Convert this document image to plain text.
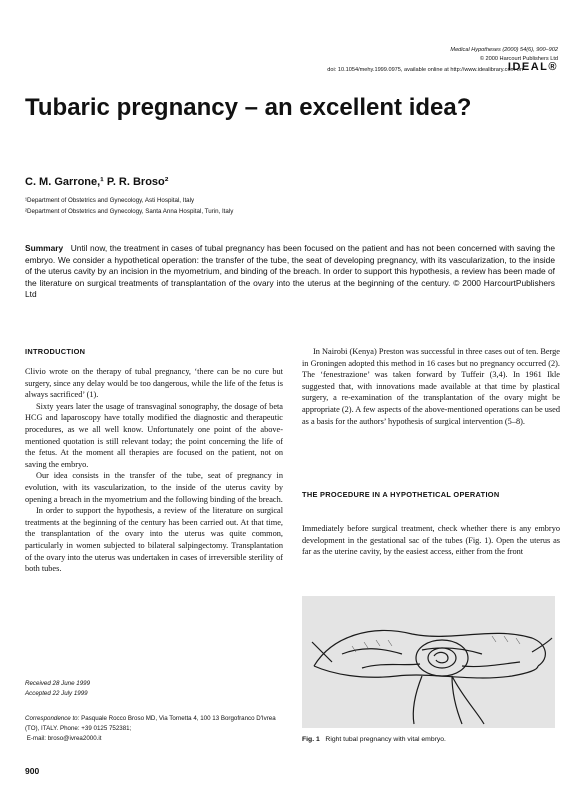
Medical Hypotheses (2000) 54(6), 900–902
© 2000 Harcourt Publishers Ltd
doi: 10.1054/mehy.1999.0975, available online at http://www.idealibrary.com on
IDEAL®
Tubaric pregnancy – an excellent idea?
C. M. Garrone,¹ P. R. Broso²
¹Department of Obstetrics and Gynecology, Asti Hospital, Italy
²Department of Obstetrics and Gynecology, Santa Anna Hospital, Turin, Italy

Summary Until now, the treatment in cases of tubal pregnancy has been focused on the patient and has not been concerned with saving the embryo. We consider a hypothetical operation: the transfer of the tube, the seat of developing pregnancy, with its vascularization, to the inside of the uterus cavity by an incision in the myometrium, and binding of the breach. In order to support this hypothesis, a review has been made of the literature on surgical treatments of transplantation of the ovary into the uterus at the beginning of the century. © 2000 HarcourtPublishers Ltd

INTRODUCTION

Clivio wrote on the therapy of tubal pregnancy, ‘there can be no cure but surgery, since any delay would be too dangerous, while the life of the fetus is always sacrificed’ (1).

Sixty years later the usage of transvaginal sonography, the dosage of beta HCG and laparoscopy have totally modified the diagnostic and therapeutic procedures, as we all well know. Unfortunately one point of the above-mentioned quotation is still relevant today; the point concerning the life of the fetus. At the moment all therapies are focused on the patient, not on saving the embryo.

Our idea consists in the transfer of the tube, seat of pregnancy in evolution, with its vascularization, to the inside of the uterus cavity by opening a breach in the myometrium and the following binding of the breach.

In order to support the hypothesis, a review of the literature on surgical treatments at the beginning of the century has been carried out. At that time, the transplantation of the ovary into the uterus was quite common, particularly in women subjected to bilateral salpingectomy. Transplantation of the ovary into the uterus was undertaken in cases of irreversible sterility of both tubes.

In Nairobi (Kenya) Preston was successful in three cases out of ten. Berge in Groningen adopted this method in 16 cases but no pregnancy occurred (2). The ‘fenestrazione’ was taken forward by Tuffeir (3,4). In 1961 Ikle suggested that, with innovations made available at that time by plastical surgery, a re-examination of the transplantation of the ovary might be appropriate (2). A few aspects of the above-mentioned operations can be used as a basis for the authors’ hypothesis of surgical intervention (5–8).

THE PROCEDURE IN A HYPOTHETICAL OPERATION

Immediately before surgical treatment, check whether there is any embryo development in the gestational sac of the tubes (Fig. 1). Open the uterus as far as the uterine cavity, by the easiest access, either from the front

Fig. 1 Right tubal pregnancy with vital embryo.
Received 28 June 1999
Accepted 22 July 1999
Correspondence to: Pasquale Rocco Broso MD, Via Tornetta 4, 100 13 Borgofranco D'Ivrea (TO), ITALY. Phone: +39 0125 752381;
E-mail: broso@ivrea2000.it
900
